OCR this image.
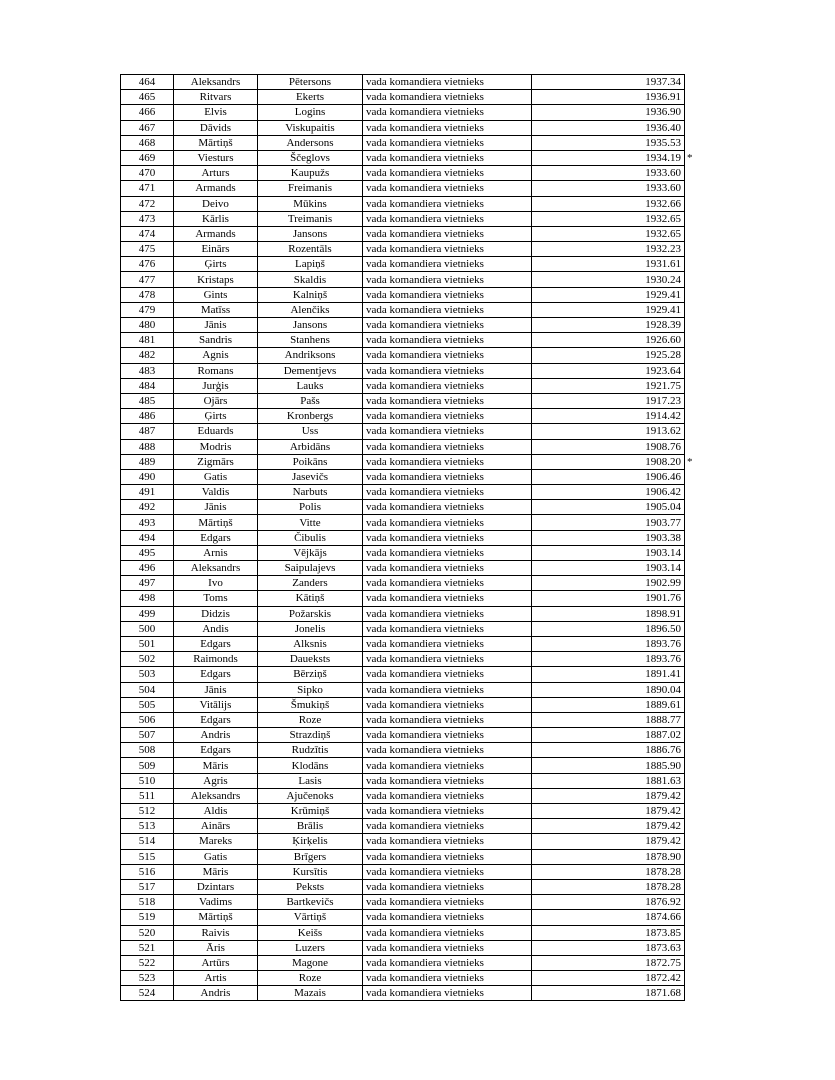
464	Aleksandrs	Pētersons	vada komandiera vietnieks	1937.34	
465	Ritvars	Ekerts	vada komandiera vietnieks	1936.91	
466	Elvis	Logins	vada komandiera vietnieks	1936.90	
467	Dāvids	Viskupaitis	vada komandiera vietnieks	1936.40	
468	Mārtiņš	Andersons	vada komandiera vietnieks	1935.53	
469	Viesturs	Ščeglovs	vada komandiera vietnieks	1934.19	*
470	Arturs	Kaupužs	vada komandiera vietnieks	1933.60	
471	Armands	Freimanis	vada komandiera vietnieks	1933.60	
472	Deivo	Mūkins	vada komandiera vietnieks	1932.66	
473	Kārlis	Treimanis	vada komandiera vietnieks	1932.65	
474	Armands	Jansons	vada komandiera vietnieks	1932.65	
475	Einārs	Rozentāls	vada komandiera vietnieks	1932.23	
476	Ģirts	Lapiņš	vada komandiera vietnieks	1931.61	
477	Kristaps	Skaldis	vada komandiera vietnieks	1930.24	
478	Gints	Kalniņš	vada komandiera vietnieks	1929.41	
479	Matīss	Alenčiks	vada komandiera vietnieks	1929.41	
480	Jānis	Jansons	vada komandiera vietnieks	1928.39	
481	Sandris	Stanhens	vada komandiera vietnieks	1926.60	
482	Agnis	Andriksons	vada komandiera vietnieks	1925.28	
483	Romans	Dementjevs	vada komandiera vietnieks	1923.64	
484	Jurģis	Lauks	vada komandiera vietnieks	1921.75	
485	Ojārs	Pašs	vada komandiera vietnieks	1917.23	
486	Ģirts	Kronbergs	vada komandiera vietnieks	1914.42	
487	Eduards	Uss	vada komandiera vietnieks	1913.62	
488	Modris	Arbidāns	vada komandiera vietnieks	1908.76	
489	Zigmārs	Poikāns	vada komandiera vietnieks	1908.20	*
490	Gatis	Jasevičs	vada komandiera vietnieks	1906.46	
491	Valdis	Narbuts	vada komandiera vietnieks	1906.42	
492	Jānis	Polis	vada komandiera vietnieks	1905.04	
493	Mārtiņš	Vitte	vada komandiera vietnieks	1903.77	
494	Edgars	Čibulis	vada komandiera vietnieks	1903.38	
495	Arnis	Vējkājs	vada komandiera vietnieks	1903.14	
496	Aleksandrs	Saipulajevs	vada komandiera vietnieks	1903.14	
497	Ivo	Zanders	vada komandiera vietnieks	1902.99	
498	Toms	Kātiņš	vada komandiera vietnieks	1901.76	
499	Didzis	Požarskis	vada komandiera vietnieks	1898.91	
500	Andis	Jonelis	vada komandiera vietnieks	1896.50	
501	Edgars	Alksnis	vada komandiera vietnieks	1893.76	
502	Raimonds	Daueksts	vada komandiera vietnieks	1893.76	
503	Edgars	Bērziņš	vada komandiera vietnieks	1891.41	
504	Jānis	Sipko	vada komandiera vietnieks	1890.04	
505	Vitālijs	Šmukiņš	vada komandiera vietnieks	1889.61	
506	Edgars	Roze	vada komandiera vietnieks	1888.77	
507	Andris	Strazdiņš	vada komandiera vietnieks	1887.02	
508	Edgars	Rudzītis	vada komandiera vietnieks	1886.76	
509	Māris	Klodāns	vada komandiera vietnieks	1885.90	
510	Agris	Lasis	vada komandiera vietnieks	1881.63	
511	Aleksandrs	Ajučenoks	vada komandiera vietnieks	1879.42	
512	Aldis	Krūmiņš	vada komandiera vietnieks	1879.42	
513	Ainārs	Brālis	vada komandiera vietnieks	1879.42	
514	Mareks	Ķirķelis	vada komandiera vietnieks	1879.42	
515	Gatis	Brīgers	vada komandiera vietnieks	1878.90	
516	Māris	Kursītis	vada komandiera vietnieks	1878.28	
517	Dzintars	Peksts	vada komandiera vietnieks	1878.28	
518	Vadims	Bartkevičs	vada komandiera vietnieks	1876.92	
519	Mārtiņš	Vārtiņš	vada komandiera vietnieks	1874.66	
520	Raivis	Keišs	vada komandiera vietnieks	1873.85	
521	Āris	Luzers	vada komandiera vietnieks	1873.63	
522	Artūrs	Magone	vada komandiera vietnieks	1872.75	
523	Artis	Roze	vada komandiera vietnieks	1872.42	
524	Andris	Mazais	vada komandiera vietnieks	1871.68	
